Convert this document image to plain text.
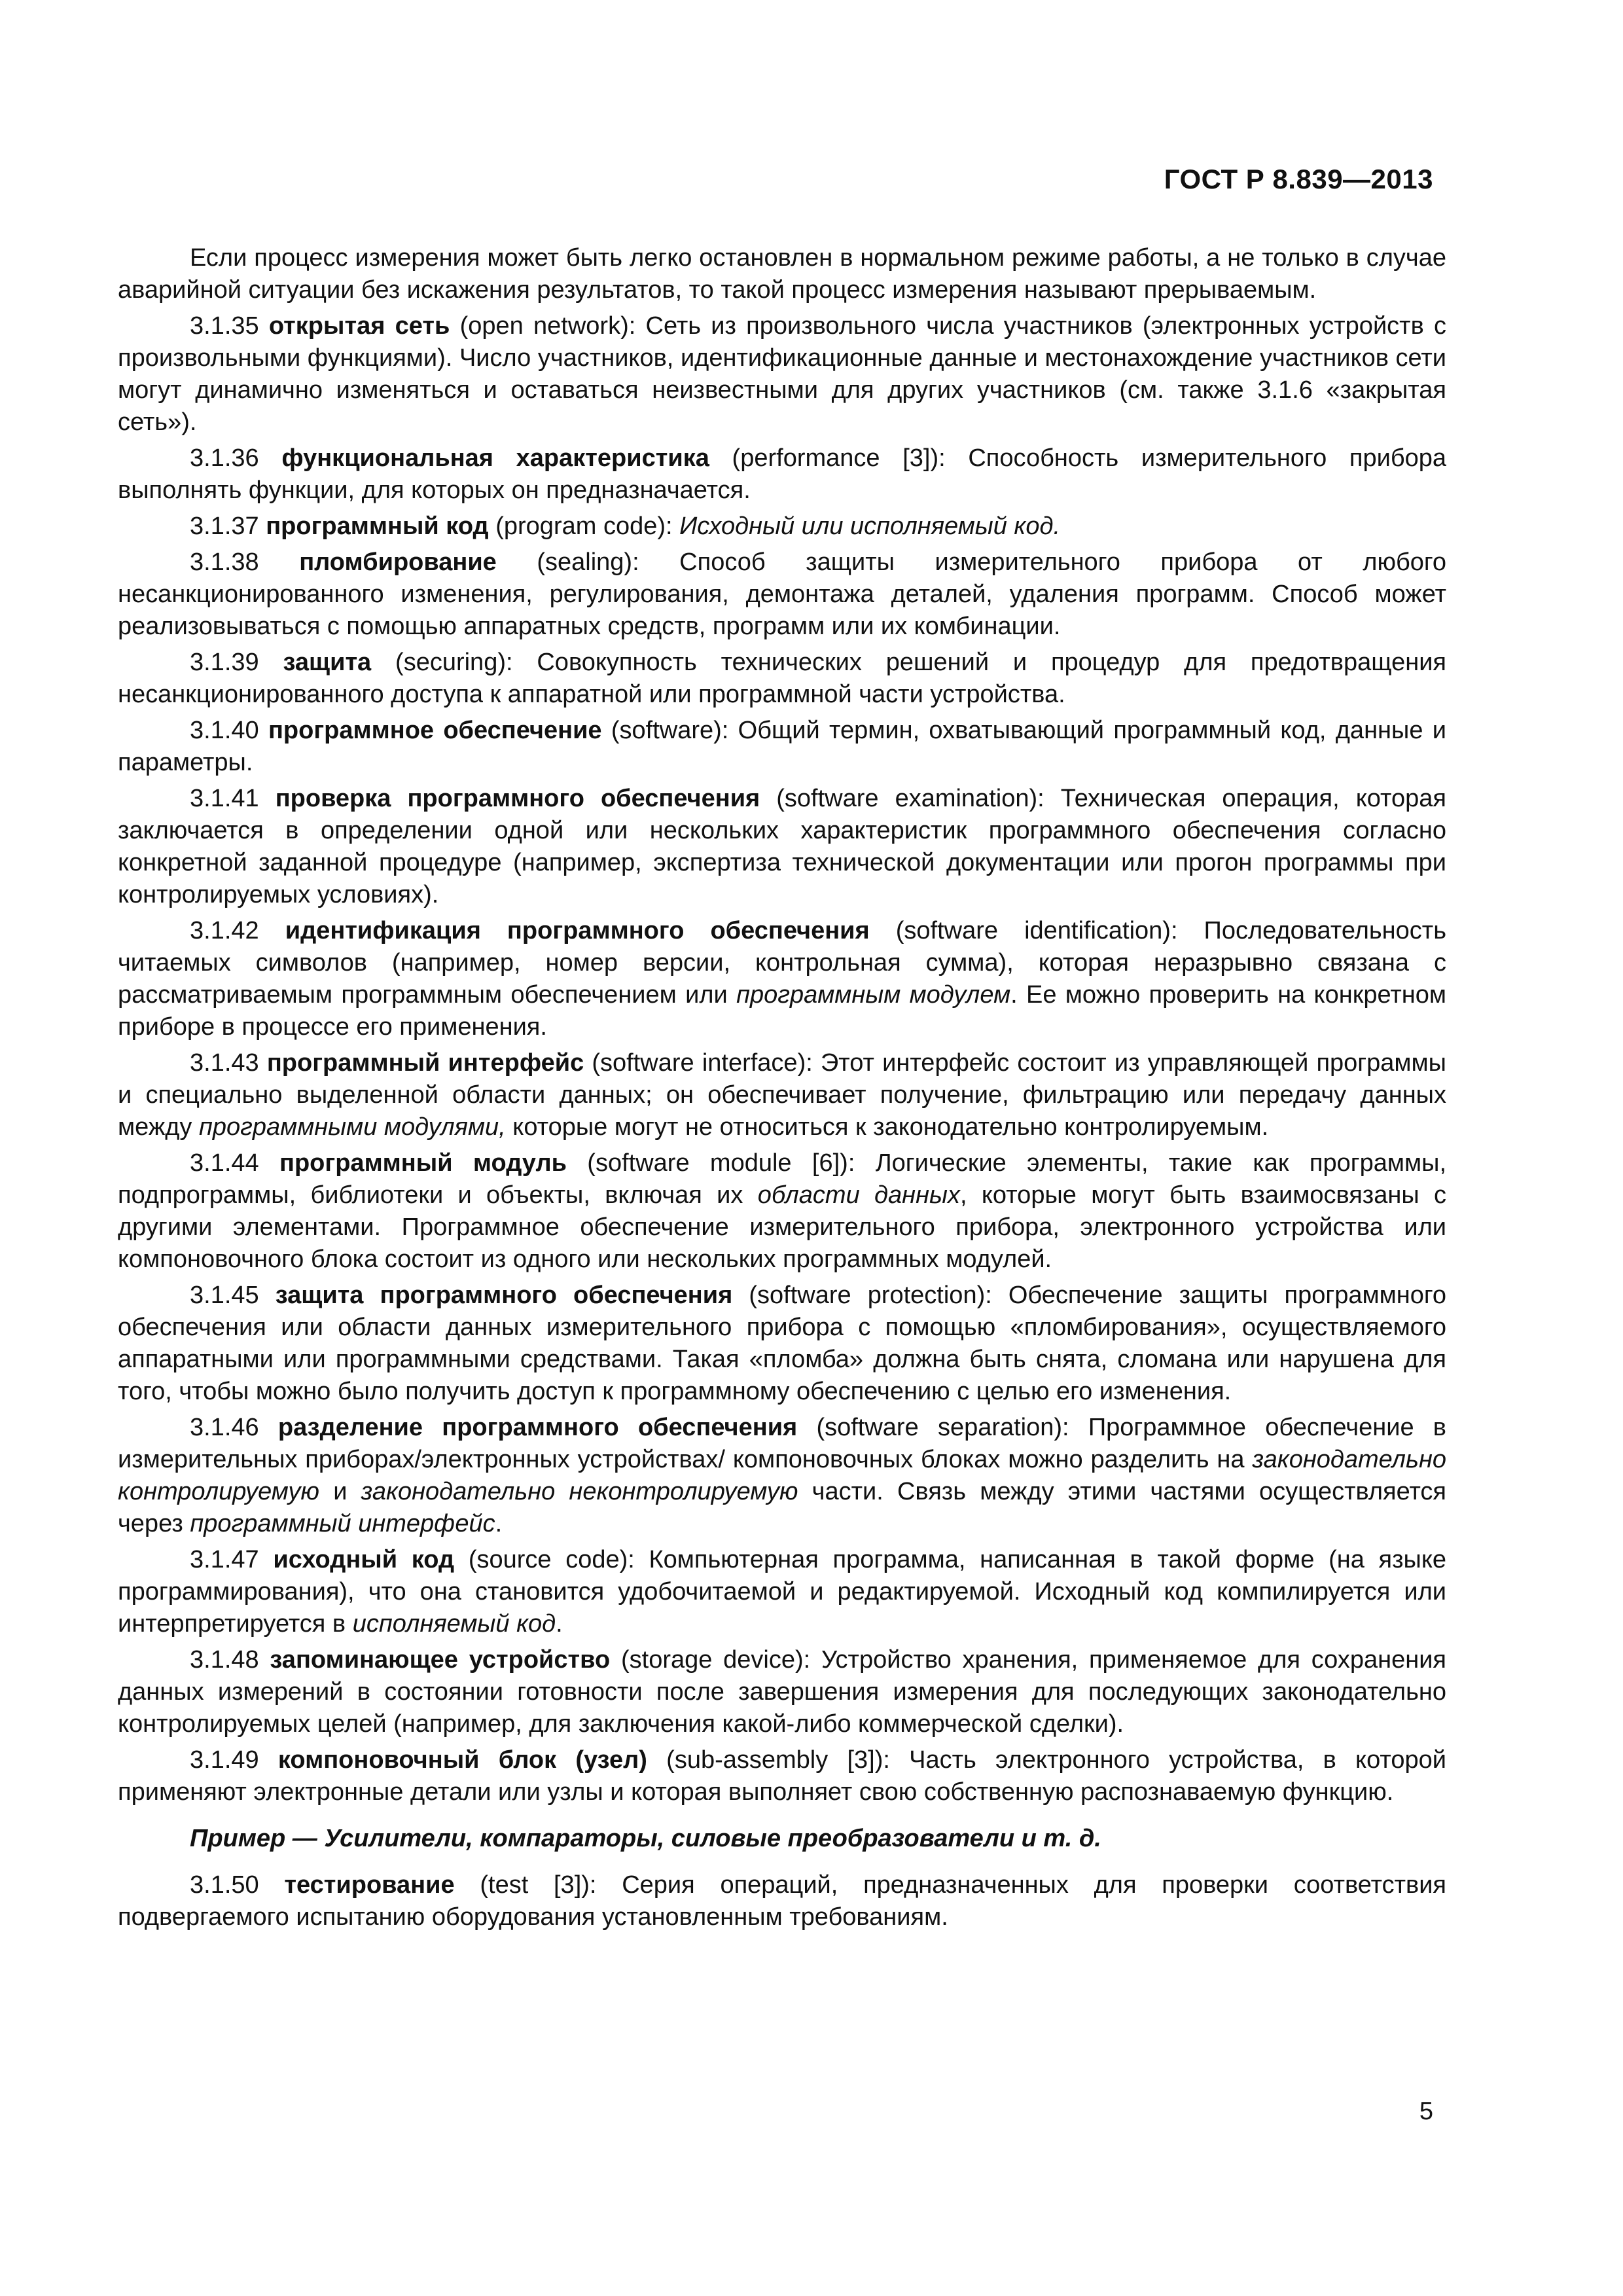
ГОСТ Р 8.839—2013

Если процесс измерения может быть легко остановлен в нормальном режиме работы, а не только в случае аварийной ситуации без искажения результатов, то такой процесс измерения называют прерываемым.

3.1.35 открытая сеть (open network): Сеть из произвольного числа участников (электронных устройств с произвольными функциями). Число участников, идентификационные данные и местонахождение участников сети могут динамично изменяться и оставаться неизвестными для других участников (см. также 3.1.6 «закрытая сеть»).

3.1.36 функциональная характеристика (performance [3]): Способность измерительного прибора выполнять функции, для которых он предназначается.

3.1.37 программный код (program code): Исходный или исполняемый код.

3.1.38 пломбирование (sealing): Способ защиты измерительного прибора от любого несанкционированного изменения, регулирования, демонтажа деталей, удаления программ. Способ может реализовываться с помощью аппаратных средств, программ или их комбинации.

3.1.39 защита (securing): Совокупность технических решений и процедур для предотвращения несанкционированного доступа к аппаратной или программной части устройства.

3.1.40 программное обеспечение (software): Общий термин, охватывающий программный код, данные и параметры.

3.1.41 проверка программного обеспечения (software examination): Техническая операция, которая заключается в определении одной или нескольких характеристик программного обеспечения согласно конкретной заданной процедуре (например, экспертиза технической документации или прогон программы при контролируемых условиях).

3.1.42 идентификация программного обеспечения (software identification): Последовательность читаемых символов (например, номер версии, контрольная сумма), которая неразрывно связана с рассматриваемым программным обеспечением или программным модулем. Ее можно проверить на конкретном приборе в процессе его применения.

3.1.43 программный интерфейс (software interface): Этот интерфейс состоит из управляющей программы и специально выделенной области данных; он обеспечивает получение, фильтрацию или передачу данных между программными модулями, которые могут не относиться к законодательно контролируемым.

3.1.44 программный модуль (software module [6]): Логические элементы, такие как программы, подпрограммы, библиотеки и объекты, включая их области данных, которые могут быть взаимосвязаны с другими элементами. Программное обеспечение измерительного прибора, электронного устройства или компоновочного блока состоит из одного или нескольких программных модулей.

3.1.45 защита программного обеспечения (software protection): Обеспечение защиты программного обеспечения или области данных измерительного прибора с помощью «пломбирования», осуществляемого аппаратными или программными средствами. Такая «пломба» должна быть снята, сломана или нарушена для того, чтобы можно было получить доступ к программному обеспечению с целью его изменения.

3.1.46 разделение программного обеспечения (software separation): Программное обеспечение в измерительных приборах/электронных устройствах/ компоновочных блоках можно разделить на законодательно контролируемую и законодательно неконтролируемую части. Связь между этими частями осуществляется через программный интерфейс.

3.1.47 исходный код (source code): Компьютерная программа, написанная в такой форме (на языке программирования), что она становится удобочитаемой и редактируемой. Исходный код компилируется или интерпретируется в исполняемый код.

3.1.48 запоминающее устройство (storage device): Устройство хранения, применяемое для сохранения данных измерений в состоянии готовности после завершения измерения для последующих законодательно контролируемых целей (например, для заключения какой-либо коммерческой сделки).

3.1.49 компоновочный блок (узел) (sub-assembly [3]): Часть электронного устройства, в которой применяют электронные детали или узлы и которая выполняет свою собственную распознаваемую функцию.

Пример — Усилители, компараторы, силовые преобразователи и т. д.

3.1.50 тестирование (test [3]): Серия операций, предназначенных для проверки соответствия подвергаемого испытанию оборудования установленным требованиям.

5
